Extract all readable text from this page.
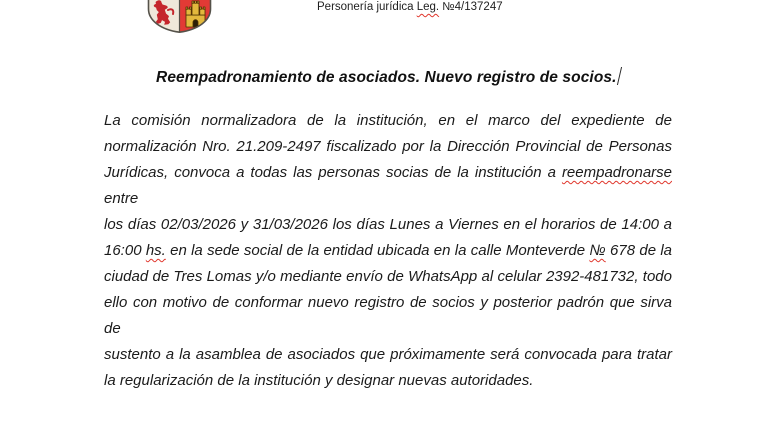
Personería jurídica Leg. №4/137247
Reempadronamiento de asociados. Nuevo registro de socios.
La comisión normalizadora de la institución, en el marco del expediente de
normalización Nro. 21.209-2497 fiscalizado por la Dirección Provincial de Personas
Jurídicas, convoca a todas las personas socias de la institución a reempadronarse entre
los días 02/03/2026 y 31/03/2026 los días Lunes a Viernes en el horarios de 14:00 a
16:00 hs. en la sede social de la entidad ubicada en la calle Monteverde № 678 de la
ciudad de Tres Lomas y/o mediante envío de WhatsApp al celular 2392-481732, todo
ello con motivo de conformar nuevo registro de socios y posterior padrón que sirva de
sustento a la asamblea de asociados que próximamente será convocada para tratar
la regularización de la institución y designar nuevas autoridades.
